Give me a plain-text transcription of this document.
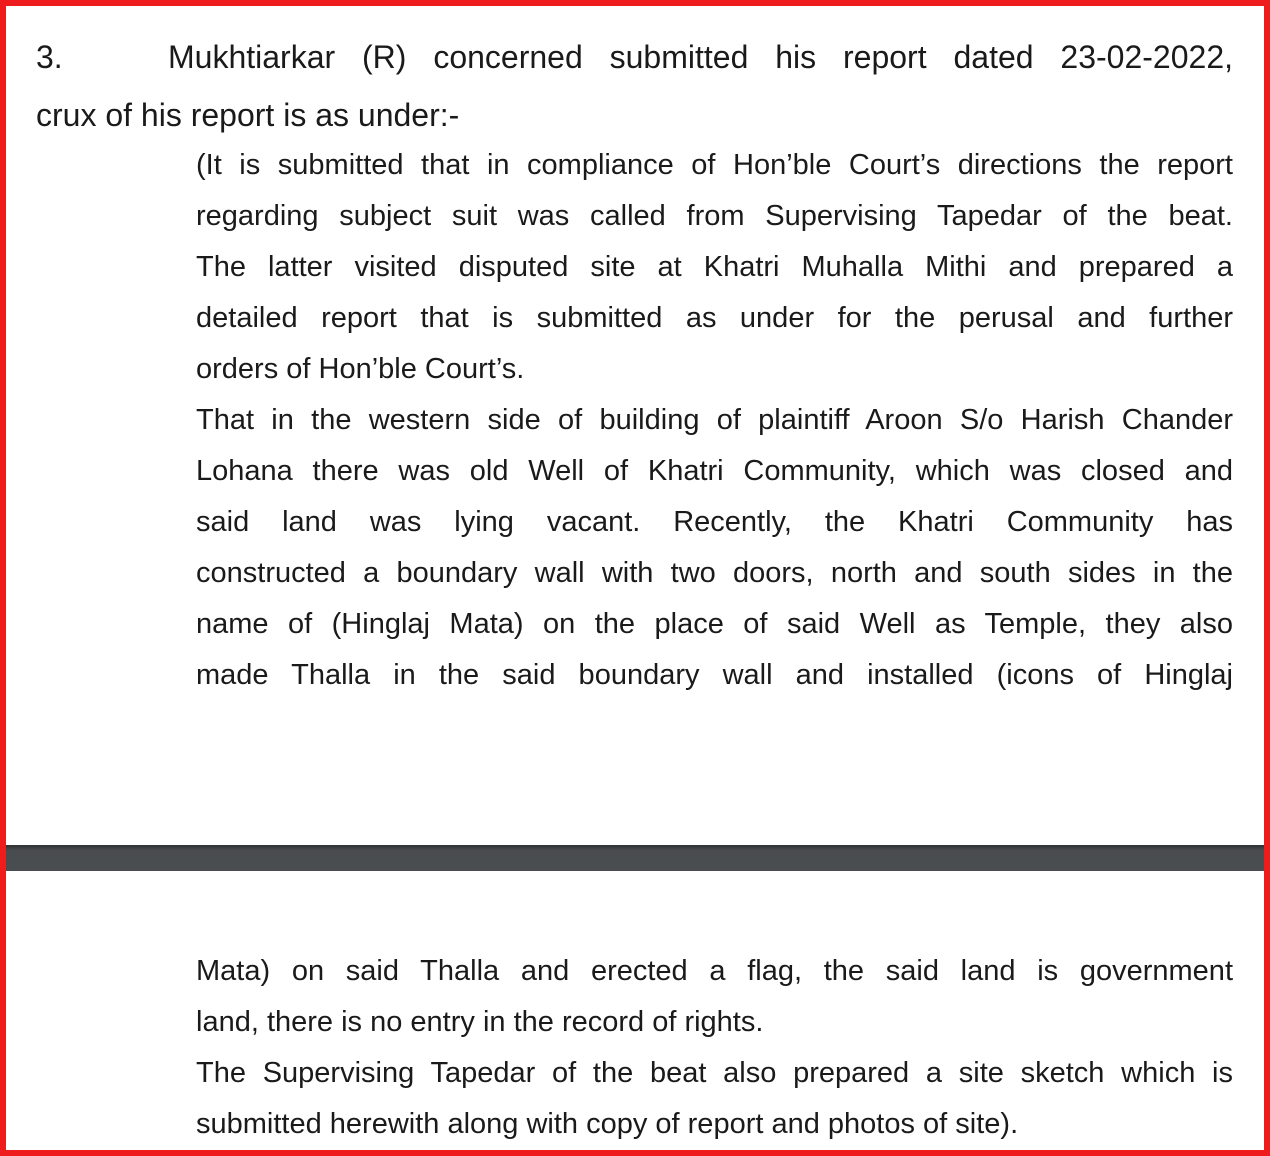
3.	Mukhtiarkar (R) concerned submitted his report dated 23-02-2022,
crux of his report is as under:-
(It is submitted that in compliance of Hon’ble Court’s directions the report
regarding subject suit was called from Supervising Tapedar of the beat.
The latter visited disputed site at Khatri Muhalla Mithi and prepared a
detailed report that is submitted as under for the perusal and further
orders of Hon’ble Court’s.
That in the western side of building of plaintiff Aroon S/o Harish Chander
Lohana there was old Well of Khatri Community, which was closed and
said land was lying vacant. Recently, the Khatri Community has
constructed a boundary wall with two doors, north and south sides in the
name of (Hinglaj Mata) on the place of said Well as Temple, they also
made Thalla in the said boundary wall and installed (icons of Hinglaj
Mata) on said Thalla and erected a flag, the said land is government
land, there is no entry in the record of rights.
The Supervising Tapedar of the beat also prepared a site sketch which is
submitted herewith along with copy of report and photos of site).
